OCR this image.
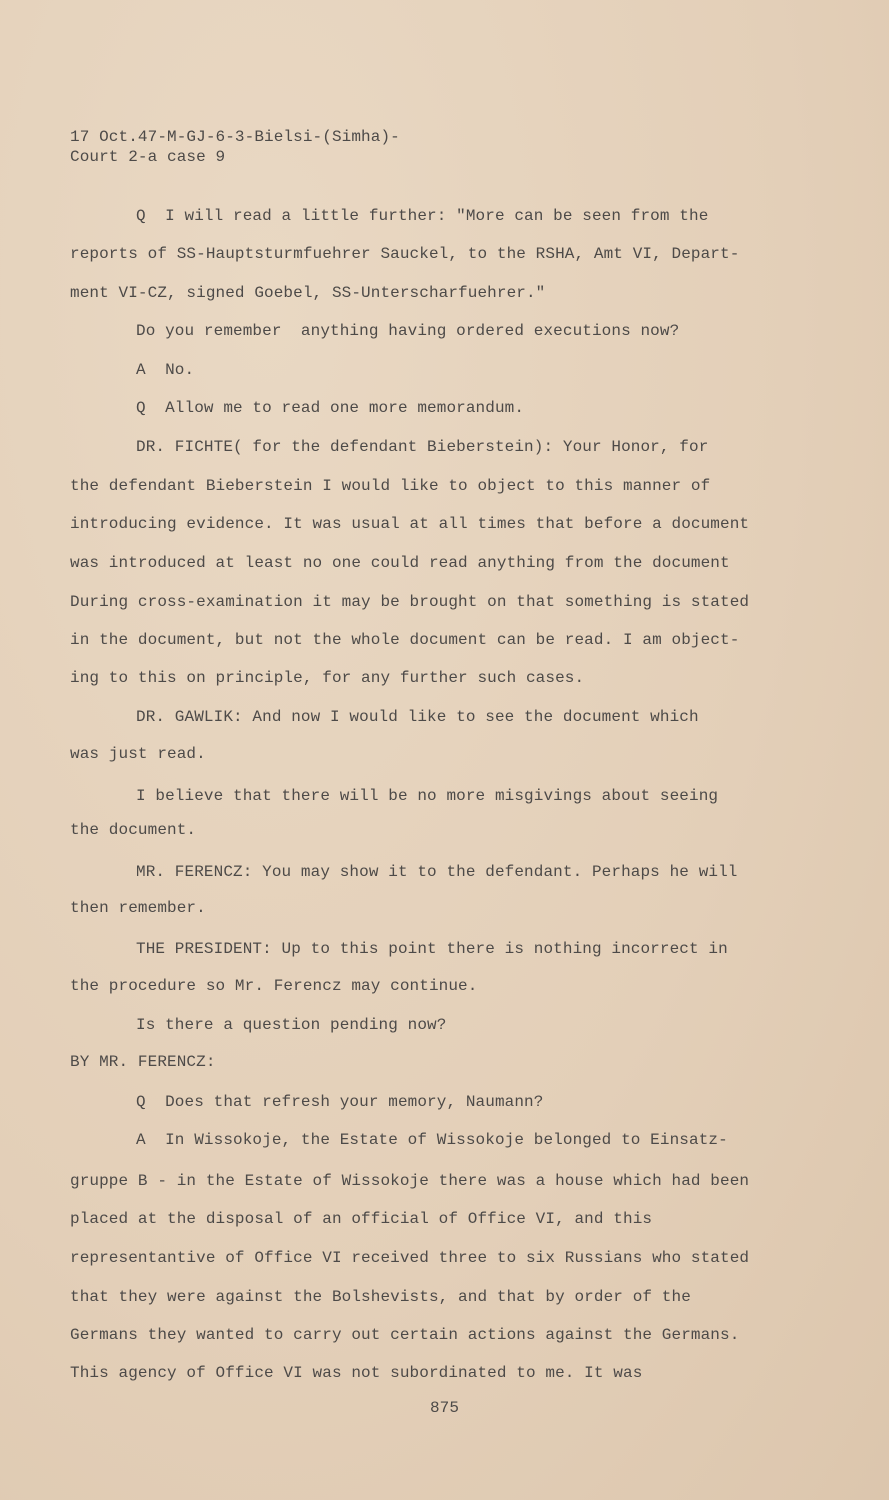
17 Oct.47-M-GJ-6-3-Bielsi-(Simha)-
Court 2-a case 9
Q  I will read a little further: "More can be seen from the
reports of SS-Hauptsturmfuehrer Sauckel, to the RSHA, Amt VI, Depart-
ment VI-CZ, signed Goebel, SS-Unterscharfuehrer."
Do you remember  anything having ordered executions now?
A  No.
Q  Allow me to read one more memorandum.
DR. FICHTE( for the defendant Bieberstein): Your Honor, for
the defendant Bieberstein I would like to object to this manner of
introducing evidence. It was usual at all times that before a document
was introduced at least no one could read anything from the document
During cross-examination it may be brought on that something is stated
in the document, but not the whole document can be read. I am object-
ing to this on principle, for any further such cases.
DR. GAWLIK: And now I would like to see the document which
was just read.
I believe that there will be no more misgivings about seeing
the document.
MR. FERENCZ: You may show it to the defendant. Perhaps he will
then remember.
THE PRESIDENT: Up to this point there is nothing incorrect in
the procedure so Mr. Ferencz may continue.
Is there a question pending now?
BY MR. FERENCZ:
Q  Does that refresh your memory, Naumann?
A  In Wissokoje, the Estate of Wissokoje belonged to Einsatz-
gruppe B - in the Estate of Wissokoje there was a house which had been
placed at the disposal of an official of Office VI, and this
representantive of Office VI received three to six Russians who stated
that they were against the Bolshevists, and that by order of the
Germans they wanted to carry out certain actions against the Germans.
This agency of Office VI was not subordinated to me. It was
875
